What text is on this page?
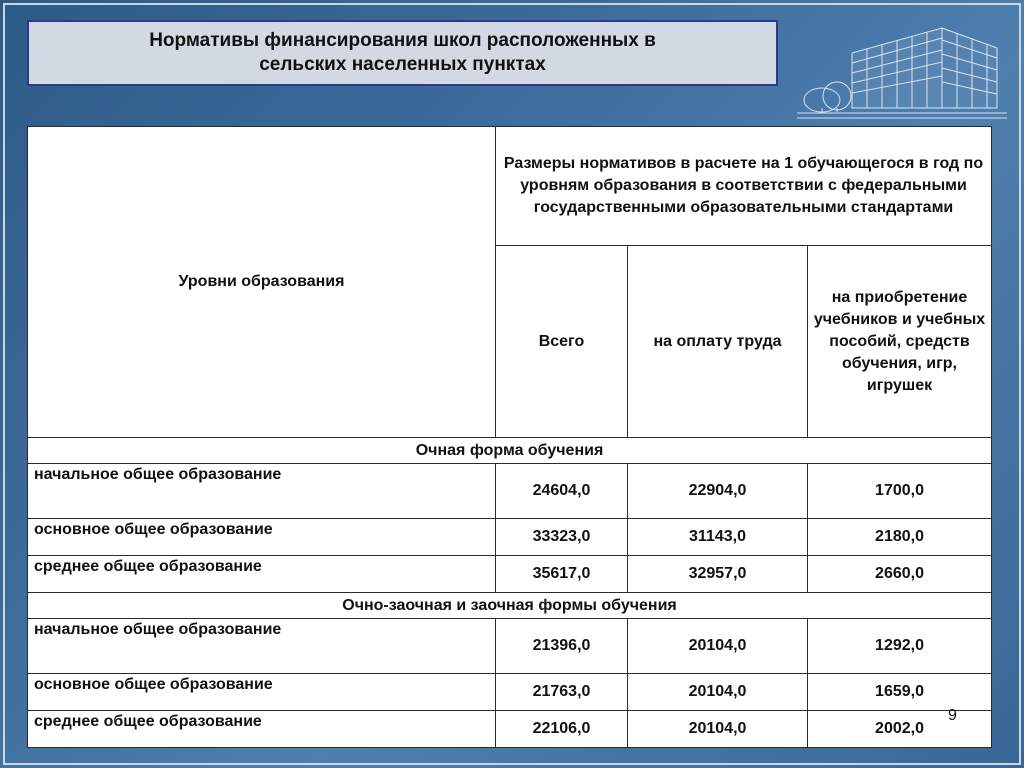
Нормативы финансирования школ расположенных в
сельских населенных пунктах
Уровни образования	Размеры нормативов в расчете на 1 обучающегося в год по уровням образования в соответствии с федеральными государственными образовательными стандартами		
	Всего	на оплату труда	на приобретение учебников и учебных пособий, средств обучения, игр, игрушек
Очная форма обучения			
начальное общее образование	24604,0	22904,0	1700,0
основное общее образование	33323,0	31143,0	2180,0
среднее общее образование	35617,0	32957,0	2660,0
Очно-заочная и заочная формы обучения			
начальное общее образование	21396,0	20104,0	1292,0
основное общее образование	21763,0	20104,0	1659,0
среднее общее образование	22106,0	20104,0	2002,0
9
